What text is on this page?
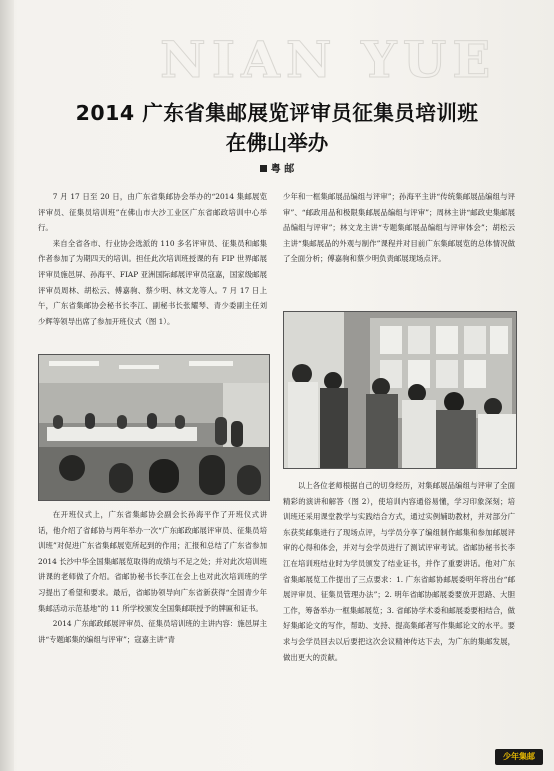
NIAN YUE
2014 广东省集邮展览评审员征集员培训班
在佛山举办
粤 邮

7 月 17 日至 20 日，由广东省集邮协会举办的“2014 集邮展览评审员、征集员培训班”在佛山市大沙工业区广东省邮政培训中心举行。

来自全省各市、行业协会选派的 110 多名评审员、征集员和邮集作者参加了为期四天的培训。担任此次培训班授课的有 FIP 世界邮展评审员施邑屏、孙海平、FIAP 亚洲国际邮展评审员寇嘉，国家级邮展评审员周林、胡松云、傅嘉驹、蔡少明、林文龙等人。7 月 17 日上午，广东省集邮协会秘书长李江、副秘书长张耀琴、青少委副主任刘少辉等领导出席了参加开班仪式（图 1）。

少年和一框集邮展品编组与评审”；孙海平主讲“传统集邮展品编组与评审”、“邮政用品和极限集邮展品编组与评审”；周林主讲“邮政史集邮展品编组与评审”；林文龙主讲“专题集邮展品编组与评审体会”；胡松云主讲“集邮展品的外观与制作”课程并对目前广东集邮展览的总体情况做了全面分析；傅嘉驹和蔡少明负责邮展现场点评。

在开班仪式上，广东省集邮协会副会长孙海平作了开班仪式讲话，他介绍了省邮协与两年举办一次“广东邮政邮展评审员、征集员培训班”对促进广东省集邮展览所起到的作用；汇报和总结了广东省参加 2014 长沙中华全国集邮展览取得的成绩与不足之处；并对此次培训班讲课的老师做了介绍。省邮协秘书长李江在会上也对此次培训班的学习提出了希望和要求。最后，省邮协领导向广东省新获得“全国青少年集邮活动示范基地”的 11 所学校颁发全国集邮联授予的牌匾和证书。

2014 广东邮政邮展评审员、征集员培训班的主讲内容：施邑屏主讲“专题邮集的编组与评审”；寇嘉主讲“青

以上各位老师根据自己的切身经历，对集邮展品编组与评审了全面精彩的演讲和解答（图 2），使培训内容通俗易懂，学习印象深刻；培训班还采用课堂教学与实践结合方式，通过实例辅助教材，并对部分广东获奖邮集进行了现场点评，与学员分享了编组制作邮集和参加邮展评审的心得和体会，并对与会学员进行了测试评审考试。省邮协秘书长李江在培训班结业时为学员颁发了结业证书，并作了重要讲话。他对广东省集邮展览工作提出了三点要求：1. 广东省邮协邮展委明年将出台“邮展评审员、征集员管理办法”；2. 明年省邮协邮展委要放开思路、大胆工作，筹备举办一框集邮展览；3. 省邮协学术委和邮展委要相结合，做好集邮论文的写作，帮助、支持、提高集邮者写作集邮论文的水平。要求与会学员回去以后要把这次会议精神传达下去，为广东的集邮发展，做出更大的贡献。

少年集邮
